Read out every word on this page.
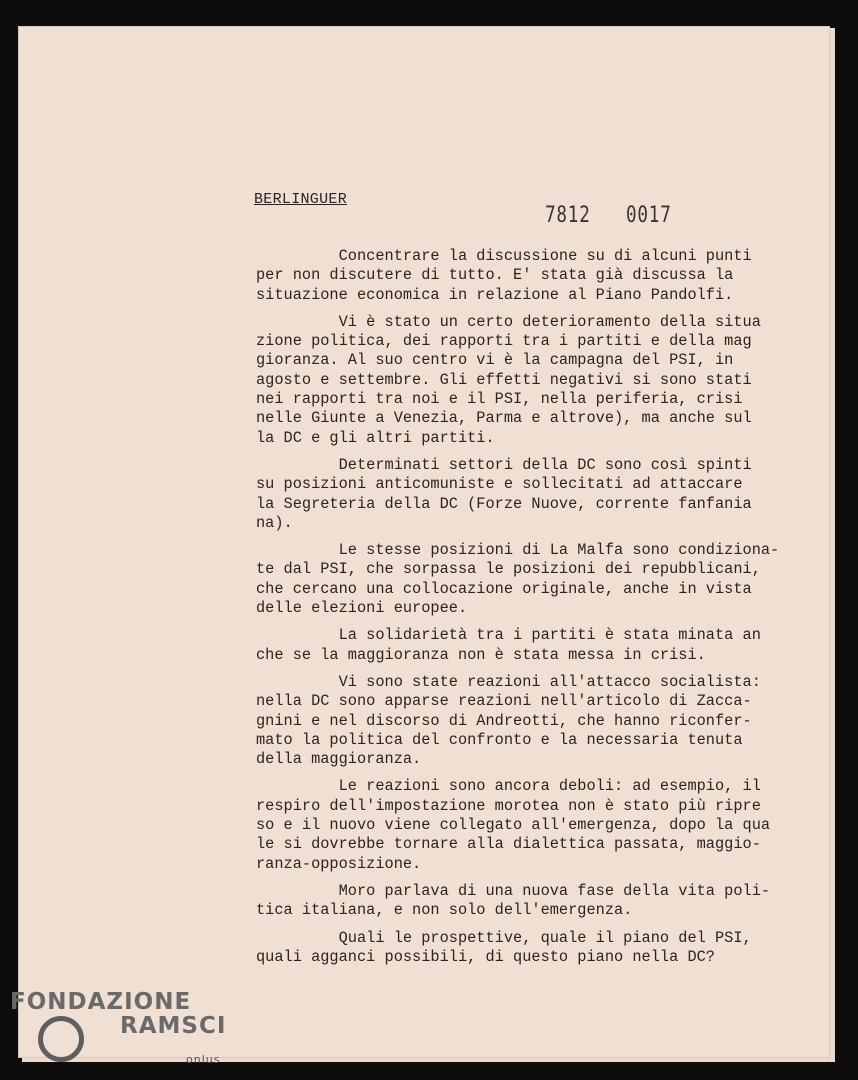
BERLINGUER
7812 0017

Concentrare la discussione su di alcuni punti
per non discutere di tutto. E' stata già discussa la
situazione economica in relazione al Piano Pandolfi.

Vi è stato un certo deterioramento della situa
zione politica, dei rapporti tra i partiti e della mag
gioranza. Al suo centro vi è la campagna del PSI, in
agosto e settembre. Gli effetti negativi si sono stati
nei rapporti tra noi e il PSI, nella periferia, crisi
nelle Giunte a Venezia, Parma e altrove), ma anche sul
la DC e gli altri partiti.

Determinati settori della DC sono così spinti
su posizioni anticomuniste e sollecitati ad attaccare
la Segreteria della DC (Forze Nuove, corrente fanfania
na).

Le stesse posizioni di La Malfa sono condiziona-
te dal PSI, che sorpassa le posizioni dei repubblicani,
che cercano una collocazione originale, anche in vista
delle elezioni europee.

La solidarietà tra i partiti è stata minata an
che se la maggioranza non è stata messa in crisi.

Vi sono state reazioni all'attacco socialista:
nella DC sono apparse reazioni nell'articolo di Zacca-
gnini e nel discorso di Andreotti, che hanno riconfer-
mato la politica del confronto e la necessaria tenuta
della maggioranza.

Le reazioni sono ancora deboli: ad esempio, il
respiro dell'impostazione morotea non è stato più ripre
so e il nuovo viene collegato all'emergenza, dopo la qua
le si dovrebbe tornare alla dialettica passata, maggio-
ranza-opposizione.

Moro parlava di una nuova fase della vita poli-
tica italiana, e non solo dell'emergenza.

Quali le prospettive, quale il piano del PSI,
quali agganci possibili, di questo piano nella DC?

FONDAZIONE
RAMSCI
onlus
